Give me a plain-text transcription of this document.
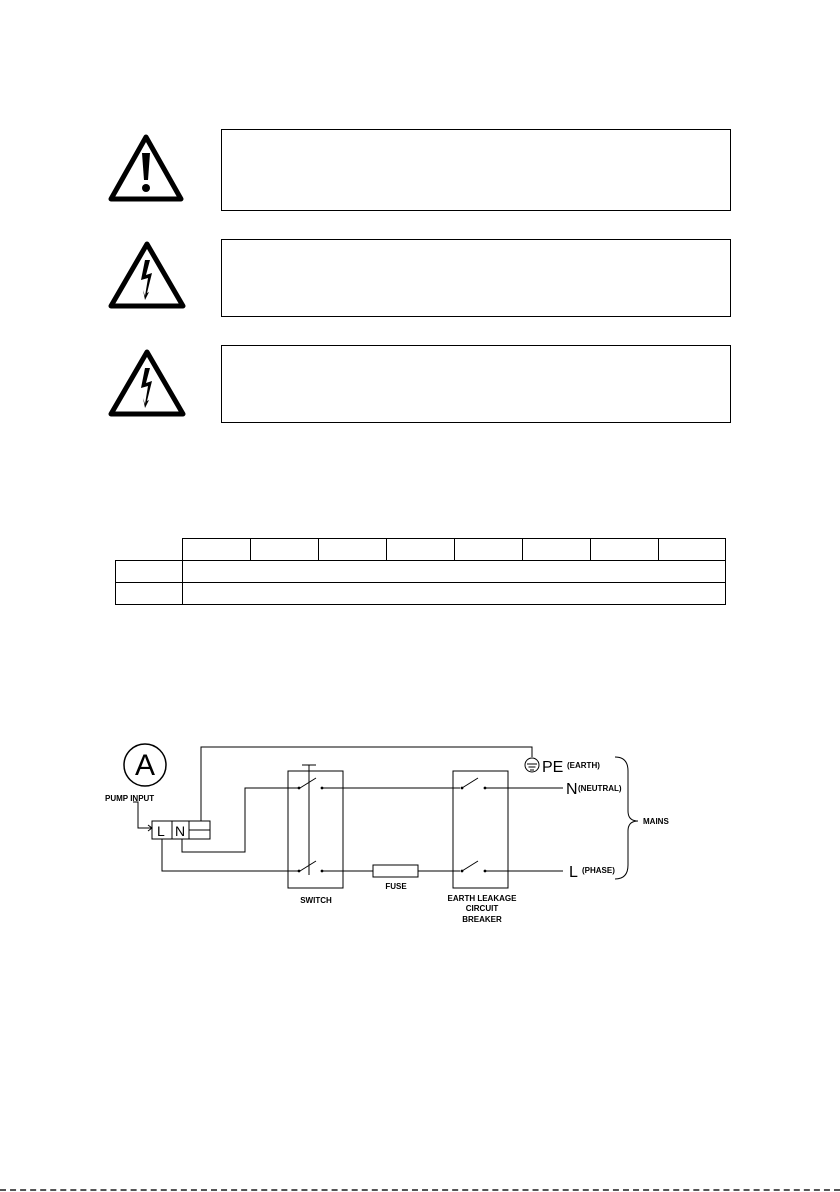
A
PUMP INPUT
L N
SWITCH
FUSE
EARTH LEAKAGE
CIRCUIT
BREAKER
PE (EARTH)
N (NEUTRAL)
L (PHASE)
MAINS
